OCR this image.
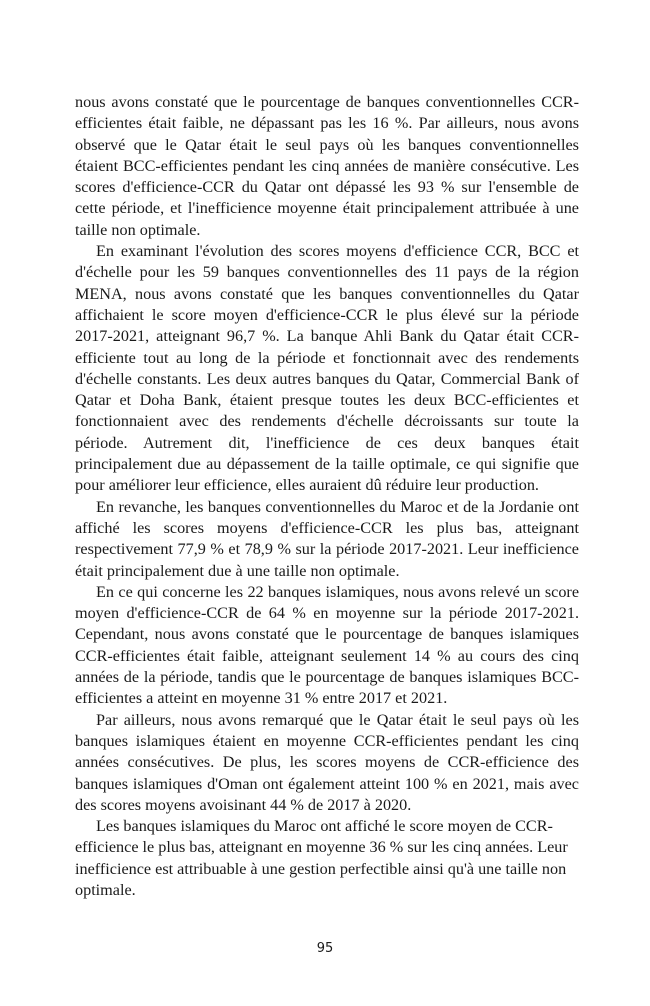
nous avons constaté que le pourcentage de banques conventionnelles CCR-efficientes était faible, ne dépassant pas les 16 %. Par ailleurs, nous avons observé que le Qatar était le seul pays où les banques conventionnelles étaient BCC-efficientes pendant les cinq années de manière consécutive. Les scores d'efficience-CCR du Qatar ont dépassé les 93 % sur l'ensemble de cette période, et l'inefficience moyenne était principalement attribuée à une taille non optimale.

En examinant l'évolution des scores moyens d'efficience CCR, BCC et d'échelle pour les 59 banques conventionnelles des 11 pays de la région MENA, nous avons constaté que les banques conventionnelles du Qatar affichaient le score moyen d'efficience-CCR le plus élevé sur la période 2017-2021, atteignant 96,7 %. La banque Ahli Bank du Qatar était CCR-efficiente tout au long de la période et fonctionnait avec des rendements d'échelle constants. Les deux autres banques du Qatar, Commercial Bank of Qatar et Doha Bank, étaient presque toutes les deux BCC-efficientes et fonctionnaient avec des rendements d'échelle décroissants sur toute la période. Autrement dit, l'inefficience de ces deux banques était principalement due au dépassement de la taille optimale, ce qui signifie que pour améliorer leur efficience, elles auraient dû réduire leur production.

En revanche, les banques conventionnelles du Maroc et de la Jordanie ont affiché les scores moyens d'efficience-CCR les plus bas, atteignant respectivement 77,9 % et 78,9 % sur la période 2017-2021. Leur inefficience était principalement due à une taille non optimale.

En ce qui concerne les 22 banques islamiques, nous avons relevé un score moyen d'efficience-CCR de 64 % en moyenne sur la période 2017-2021. Cependant, nous avons constaté que le pourcentage de banques islamiques CCR-efficientes était faible, atteignant seulement 14 % au cours des cinq années de la période, tandis que le pourcentage de banques islamiques BCC-efficientes a atteint en moyenne 31 % entre 2017 et 2021.

Par ailleurs, nous avons remarqué que le Qatar était le seul pays où les banques islamiques étaient en moyenne CCR-efficientes pendant les cinq années consécutives. De plus, les scores moyens de CCR-efficience des banques islamiques d'Oman ont également atteint 100 % en 2021, mais avec des scores moyens avoisinant 44 % de 2017 à 2020.

Les banques islamiques du Maroc ont affiché le score moyen de CCR-efficience le plus bas, atteignant en moyenne 36 % sur les cinq années. Leur inefficience est attribuable à une gestion perfectible ainsi qu'à une taille non optimale.

95
